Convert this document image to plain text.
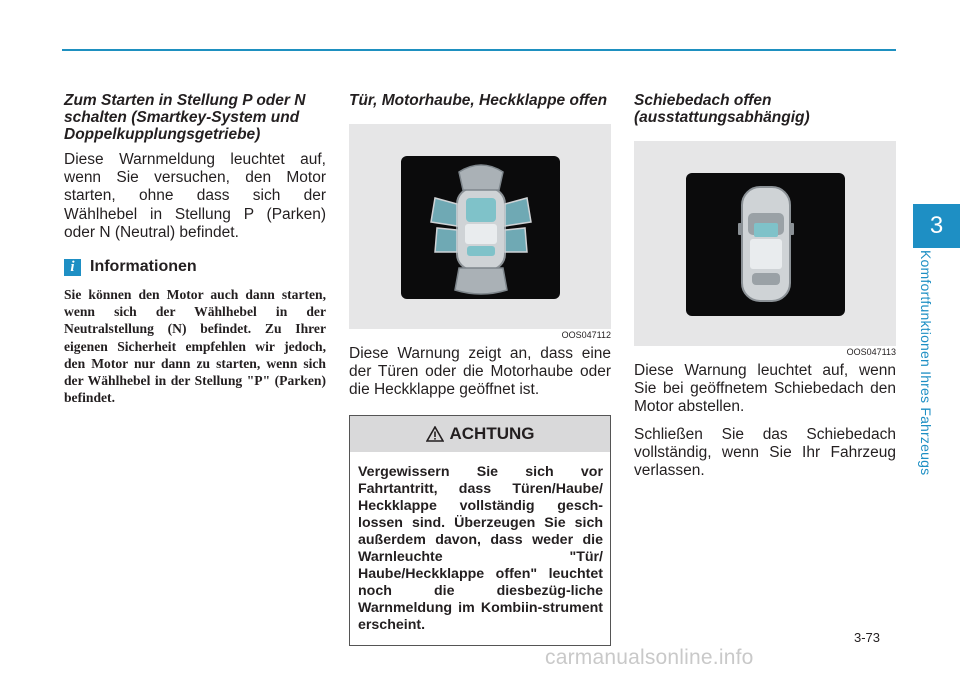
3
Komfortfunktionen Ihres Fahrzeugs
Zum Starten in Stellung P oder N schalten (Smartkey-System und Doppelkupplungsgetriebe)

Diese Warnmeldung leuchtet auf, wenn Sie versuchen, den Motor starten, ohne dass sich der Wählhebel in Stellung P (Parken) oder N (Neutral) befindet.

i Informationen
Sie können den Motor auch dann starten, wenn sich der Wählhebel in der Neutralstellung (N) befindet. Zu Ihrer eigenen Sicherheit empfehlen wir jedoch, den Motor nur dann zu starten, wenn sich der Wählhebel in der Stellung "P" (Parken) befindet.
Tür, Motorhaube, Heckklappe offen
OOS047112

Diese Warnung zeigt an, dass eine der Türen oder die Motorhaube oder die Heckklappe geöffnet ist.

ACHTUNG
Vergewissern Sie sich vor Fahrtantritt, dass Türen/Haube/ Heckklappe vollständig gesch-lossen sind. Überzeugen Sie sich außerdem davon, dass weder die Warnleuchte "Tür/ Haube/Heckklappe offen" leuchtet noch die diesbezüg-liche Warnmeldung im Kombiin-strument erscheint.
Schiebedach offen (ausstattungsabhängig)
OOS047113

Diese Warnung leuchtet auf, wenn Sie bei geöffnetem Schiebedach den Motor abstellen.

Schließen Sie das Schiebedach vollständig, wenn Sie Ihr Fahrzeug verlassen.

3-73
carmanualsonline.info
